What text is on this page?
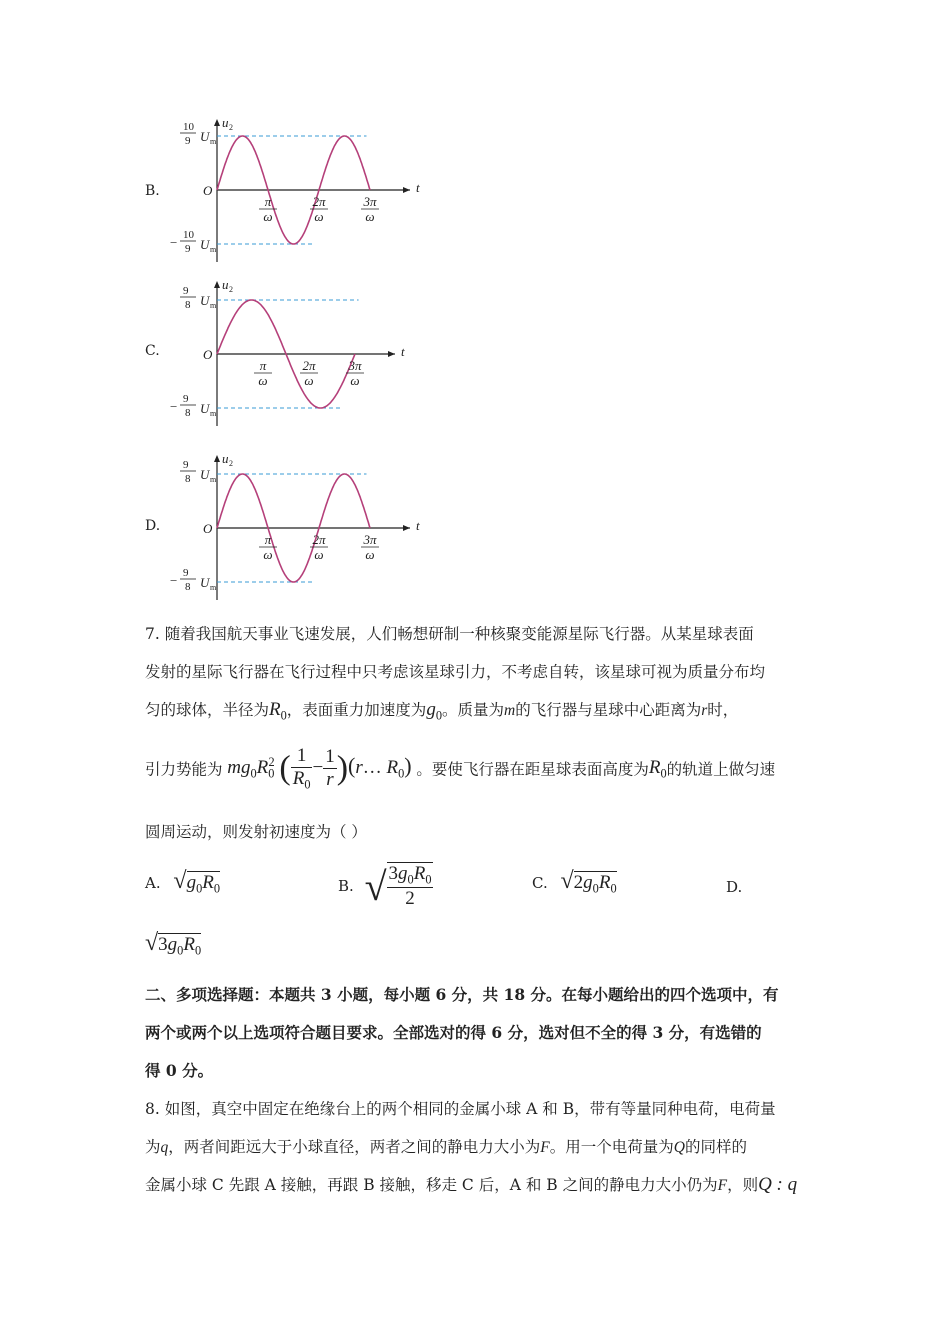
B.	O	t
u 2
10
9 U m
− 10
9 U m
π
ω
2π
ω
3π
ω
C.	O	t
u 2
9
8 U m
− 9
8 U m
π
ω
2π
ω
3π
ω
D.	O	t
u 2
9
8 U m
− 9
8 U m
π
ω
2π
ω
3π
ω
7. 随着我国航天事业飞速发展，人们畅想研制一种核聚变能源星际飞行器。从某星球表面
发射的星际飞行器在飞行过程中只考虑该星球引力，不考虑自转，该星球可视为质量分布均
匀的球体，半径为$R_0$，表面重力加速度为$g_0$。质量为m的飞行器与星球中心距离为r时，
引力势能为 $mg_0R_0^2$ ( $\frac{1}{R_0} - \frac{1}{r}$ )(r… $R_0$) 。要使飞行器在距星球表面高度为$R_0$的轨道上做匀速
圆周运动，则发射初速度为（ ）
A. $√g_0R_0$	B. √ $\frac{3g_0R_0}{2}$	C. $√2g_0R_0$	D.
$√3g_0R_0$
二、多项选择题：本题共 3 小题，每小题 6 分，共 18 分。在每小题给出的四个选项中，有
两个或两个以上选项符合题目要求。全部选对的得 6 分，选对但不全的得 3 分，有选错的
得 0 分。
8. 如图，真空中固定在绝缘台上的两个相同的金属小球 A 和 B，带有等量同种电荷，电荷量
为q，两者间距远大于小球直径，两者之间的静电力大小为F。用一个电荷量为Q的同样的
金属小球 C 先跟 A 接触，再跟 B 接触，移走 C 后，A 和 B 之间的静电力大小仍为F，则Q : q
